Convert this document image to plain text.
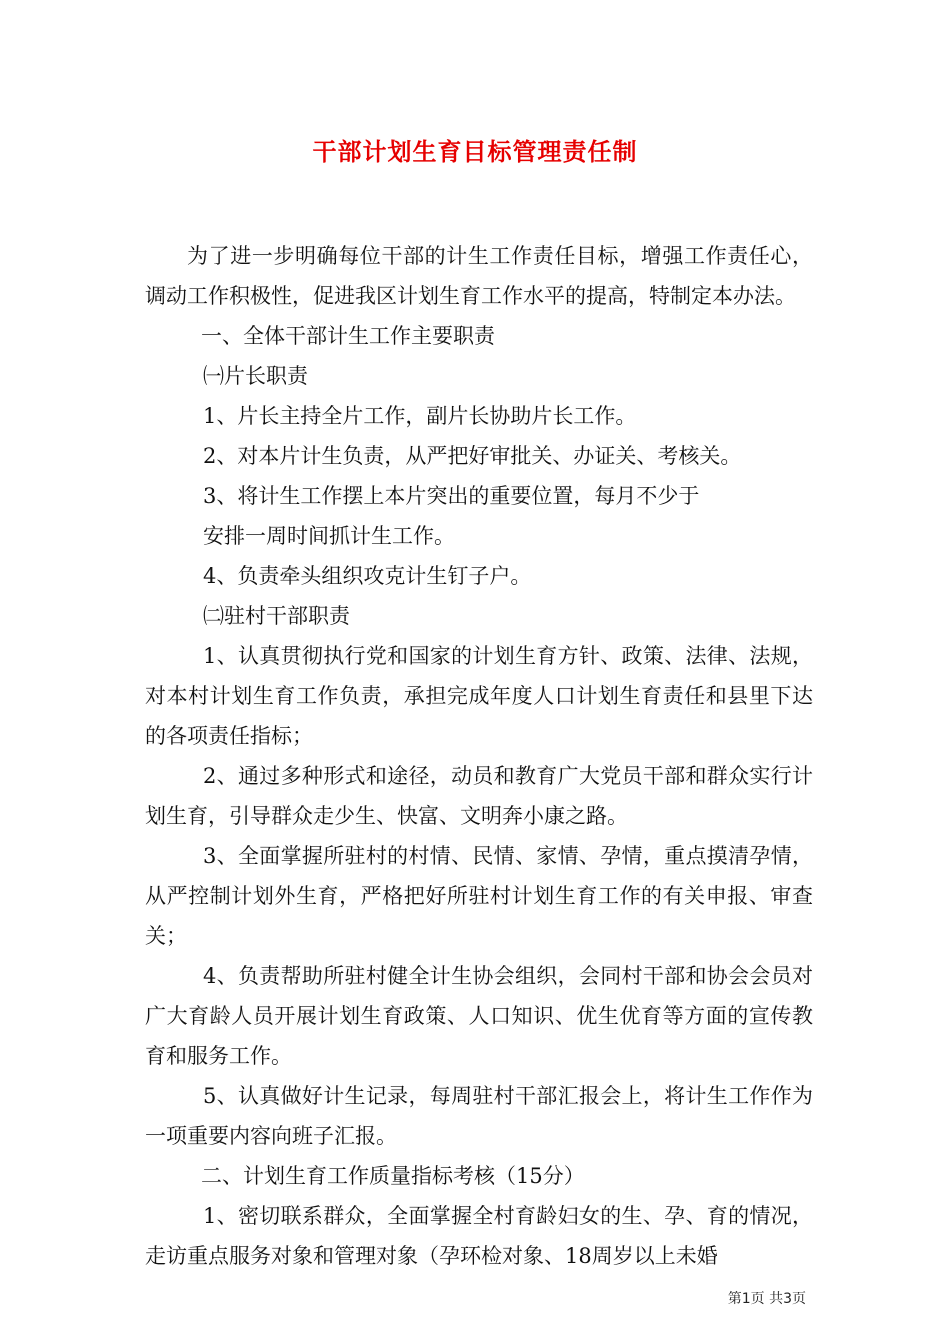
干部计划生育目标管理责任制

为了进一步明确每位干部的计生工作责任目标，增强工作责任心，调动工作积极性，促进我区计划生育工作水平的提高，特制定本办法。

一、全体干部计生工作主要职责

㈠片长职责

1、片长主持全片工作，副片长协助片长工作。

2、对本片计生负责，从严把好审批关、办证关、考核关。

3、将计生工作摆上本片突出的重要位置，每月不少于

安排一周时间抓计生工作。

4、负责牵头组织攻克计生钉子户。

㈡驻村干部职责

1、认真贯彻执行党和国家的计划生育方针、政策、法律、法规，对本村计划生育工作负责，承担完成年度人口计划生育责任和县里下达的各项责任指标；

2、通过多种形式和途径，动员和教育广大党员干部和群众实行计划生育，引导群众走少生、快富、文明奔小康之路。

3、全面掌握所驻村的村情、民情、家情、孕情，重点摸清孕情，从严控制计划外生育，严格把好所驻村计划生育工作的有关申报、审查关；

4、负责帮助所驻村健全计生协会组织，会同村干部和协会会员对广大育龄人员开展计划生育政策、人口知识、优生优育等方面的宣传教育和服务工作。

5、认真做好计生记录，每周驻村干部汇报会上，将计生工作作为一项重要内容向班子汇报。

二、计划生育工作质量指标考核（15分）

1、密切联系群众，全面掌握全村育龄妇女的生、孕、育的情况，走访重点服务对象和管理对象（孕环检对象、18周岁以上未婚

第1页 共3页
